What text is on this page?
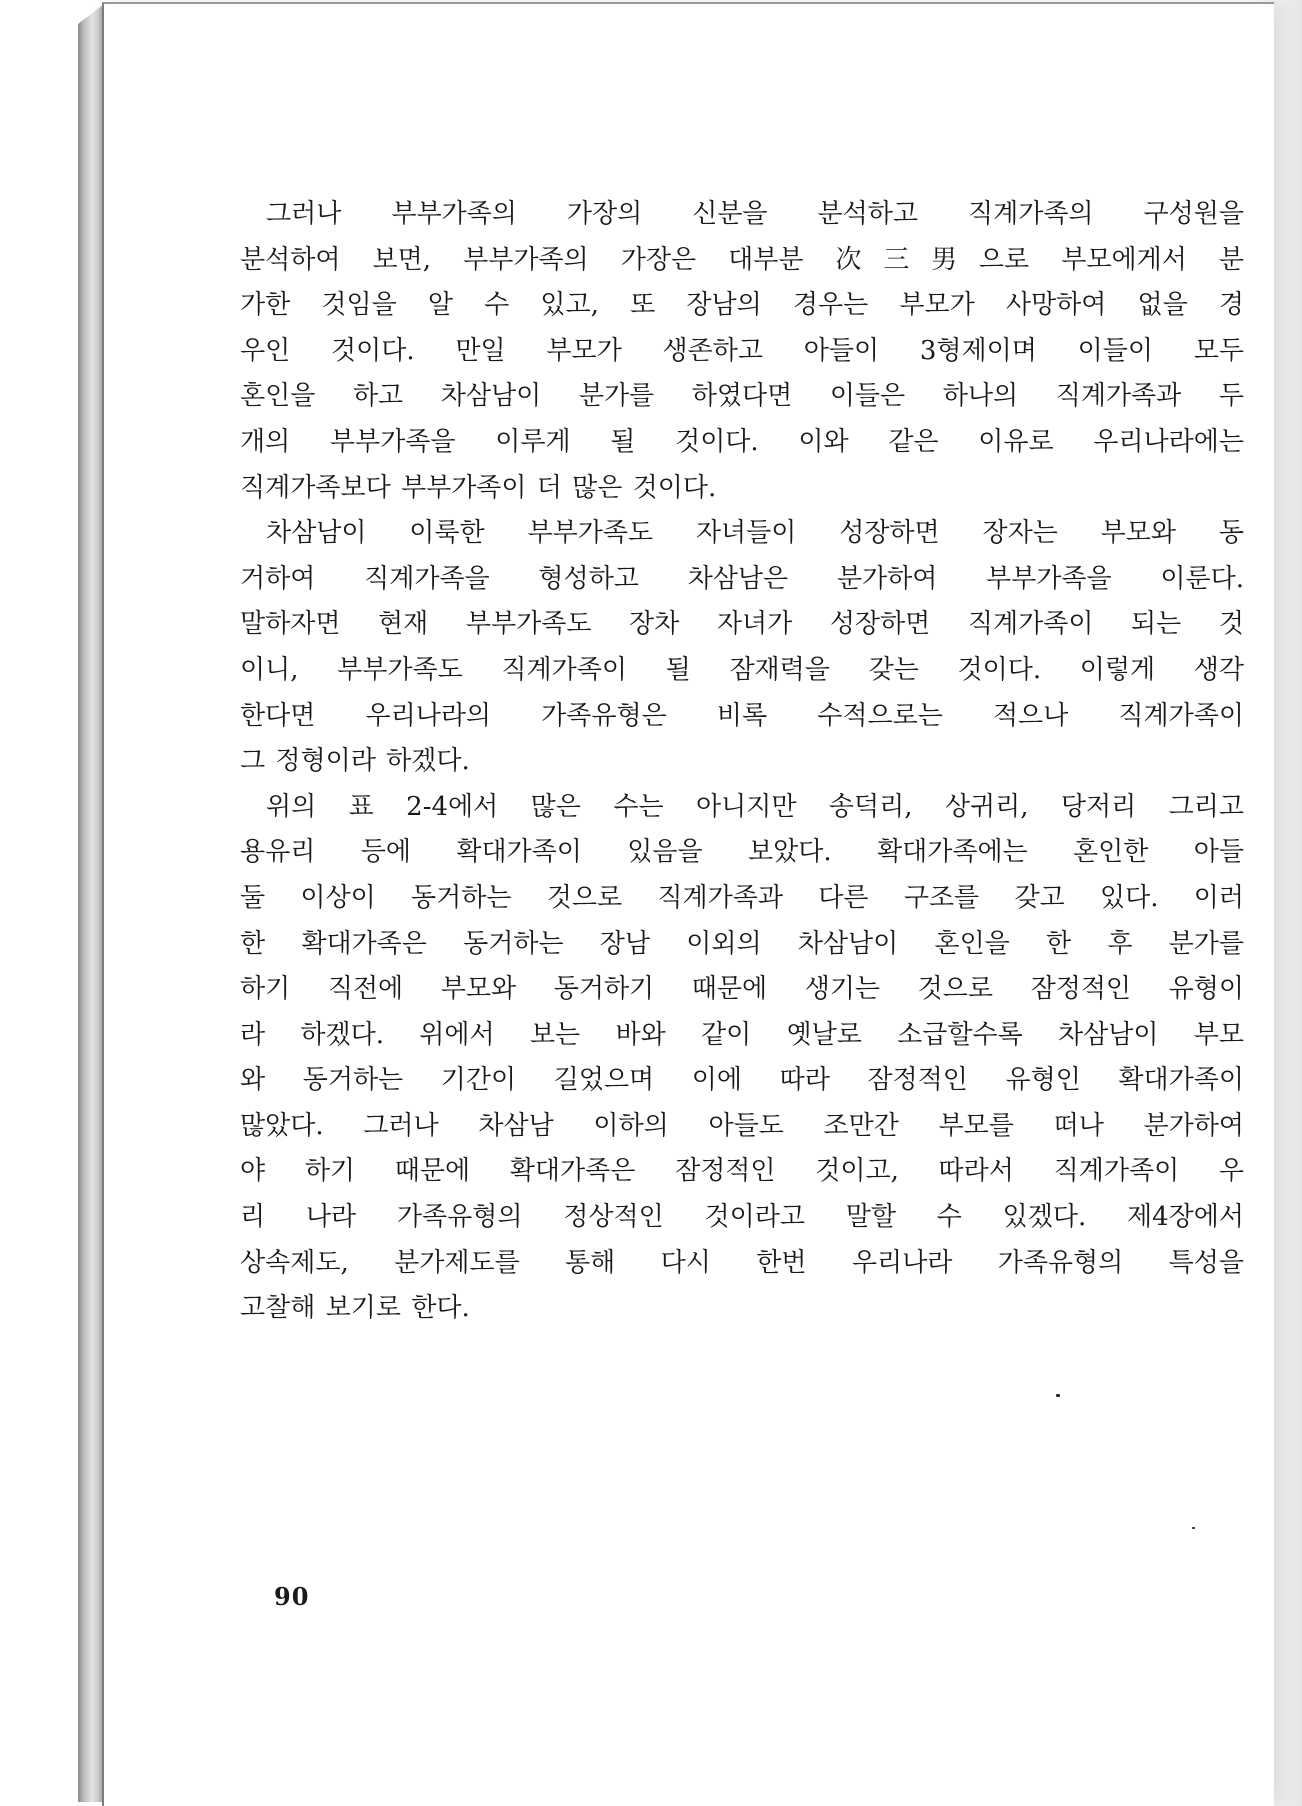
그러나 부부가족의 가장의 신분을 분석하고 직계가족의 구성원을
분석하여 보면, 부부가족의 가장은 대부분 次三男으로 부모에게서 분
가한 것임을 알 수 있고, 또 장남의 경우는 부모가 사망하여 없을 경
우인 것이다. 만일 부모가 생존하고 아들이 3형제이며 이들이 모두
혼인을 하고 차삼남이 분가를 하였다면 이들은 하나의 직계가족과 두
개의 부부가족을 이루게 될 것이다. 이와 같은 이유로 우리나라에는
직계가족보다 부부가족이 더 많은 것이다.

차삼남이 이룩한 부부가족도 자녀들이 성장하면 장자는 부모와 동
거하여 직계가족을 형성하고 차삼남은 분가하여 부부가족을 이룬다.
말하자면 현재 부부가족도 장차 자녀가 성장하면 직계가족이 되는 것
이니, 부부가족도 직계가족이 될 잠재력을 갖는 것이다. 이렇게 생각
한다면 우리나라의 가족유형은 비록 수적으로는 적으나 직계가족이
그 정형이라 하겠다.

위의 표 2-4에서 많은 수는 아니지만 송덕리, 상귀리, 당저리 그리고
용유리 등에 확대가족이 있음을 보았다. 확대가족에는 혼인한 아들
둘 이상이 동거하는 것으로 직계가족과 다른 구조를 갖고 있다. 이러
한 확대가족은 동거하는 장남 이외의 차삼남이 혼인을 한 후 분가를
하기 직전에 부모와 동거하기 때문에 생기는 것으로 잠정적인 유형이
라 하겠다. 위에서 보는 바와 같이 옛날로 소급할수록 차삼남이 부모
와 동거하는 기간이 길었으며 이에 따라 잠정적인 유형인 확대가족이
많았다. 그러나 차삼남 이하의 아들도 조만간 부모를 떠나 분가하여
야 하기 때문에 확대가족은 잠정적인 것이고, 따라서 직계가족이 우
리 나라 가족유형의 정상적인 것이라고 말할 수 있겠다. 제4장에서
상속제도, 분가제도를 통해 다시 한번 우리나라 가족유형의 특성을
고찰해 보기로 한다.

90
